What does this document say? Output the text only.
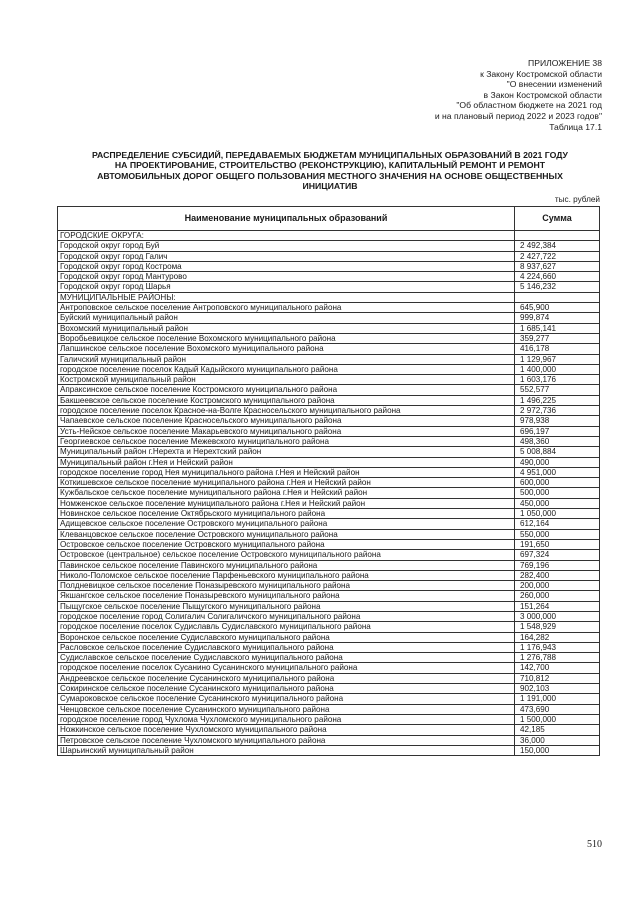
ПРИЛОЖЕНИЕ 38
к Закону Костромской области
"О внесении изменений
в Закон Костромской области
"Об областном бюджете на 2021 год
и на плановый период 2022 и 2023 годов"
Таблица 17.1
РАСПРЕДЕЛЕНИЕ СУБСИДИЙ, ПЕРЕДАВАЕМЫХ БЮДЖЕТАМ МУНИЦИПАЛЬНЫХ ОБРАЗОВАНИЙ В 2021 ГОДУ
НА ПРОЕКТИРОВАНИЕ, СТРОИТЕЛЬСТВО (РЕКОНСТРУКЦИЮ), КАПИТАЛЬНЫЙ РЕМОНТ И РЕМОНТ
АВТОМОБИЛЬНЫХ ДОРОГ ОБЩЕГО ПОЛЬЗОВАНИЯ МЕСТНОГО ЗНАЧЕНИЯ НА ОСНОВЕ ОБЩЕСТВЕННЫХ
ИНИЦИАТИВ
тыс. рублей
Наименование муниципальных образований	Сумма
ГОРОДСКИЕ ОКРУГА:	
Городской округ город Буй	2 492,384
Городской округ город Галич	2 427,722
Городской округ город Кострома	8 937,627
Городской округ город Мантурово	4 224,660
Городской округ город Шарья	5 146,232
МУНИЦИПАЛЬНЫЕ РАЙОНЫ:	
Антроповское сельское поселение Антроповского муниципального района	645,900
Буйский муниципальный район	999,874
Вохомский муниципальный район	1 685,141
Воробьевицкое сельское поселение Вохомского муниципального района	359,277
Лапшинское сельское поселение Вохомского муниципального района	416,178
Галичский муниципальный район	1 129,967
городское поселение поселок Кадый Кадыйского муниципального района	1 400,000
Костромской муниципальный район	1 603,176
Апраксинское сельское поселение Костромского муниципального района	552,577
Бакшеевское сельское поселение Костромского муниципального района	1 496,225
городское поселение поселок Красное-на-Волге Красносельского муниципального района	2 972,736
Чапаевское сельское поселение Красносельского муниципального района	978,938
Усть-Нейское сельское поселение Макарьевского муниципального района	696,197
Георгиевское сельское поселение Межевского муниципального района	498,360
Муниципальный район г.Нерехта и Нерехтский район	5 008,884
Муниципальный район г.Нея и Нейский район	490,000
городское поселение город Нея муниципального района г.Нея и Нейский район	4 951,000
Коткишевское сельское поселение муниципального района г.Нея и Нейский район	600,000
Кужбальское сельское поселение муниципального района г.Нея и Нейский район	500,000
Номженское сельское поселение муниципального района г.Нея и Нейский район	450,000
Новинское сельское поселение Октябрьского муниципального района	1 050,000
Адищевское сельское поселение Островского муниципального района	612,164
Клеванцовское сельское поселение Островского муниципального района	550,000
Островское сельское поселение Островского муниципального района	191,650
Островское (центральное) сельское поселение Островского муниципального района	697,324
Павинское сельское поселение Павинского муниципального района	769,196
Николо-Поломское сельское поселение Парфеньевского муниципального района	282,400
Полдневицкое сельское поселение Поназыревского муниципального района	200,000
Якшангское сельское поселение Поназыревского муниципального района	260,000
Пыщугское сельское поселение Пыщугского муниципального района	151,264
городское поселение город Солигалич Солигаличского муниципального района	3 000,000
городское поселение поселок Судиславль Судиславского муниципального района	1 548,929
Воронское сельское поселение Судиславского муниципального района	164,282
Расловское сельское поселение Судиславского муниципального района	1 176,943
Судиславское сельское поселение Судиславского муниципального района	1 276,788
городское поселение поселок Сусанино Сусанинского муниципального района	142,700
Андреевское сельское поселение Сусанинского муниципального района	710,812
Сокиринское сельское поселение Сусанинского муниципального района	902,103
Сумароковское сельское поселение Сусанинского муниципального района	1 191,000
Ченцовское сельское поселение Сусанинского муниципального района	473,690
городское поселение город Чухлома Чухломского муниципального района	1 500,000
Ножкинское сельское поселение Чухломского муниципального района	42,185
Петровское сельское поселение Чухломского муниципального района	36,000
Шарьинский муниципальный район	150,000
510
